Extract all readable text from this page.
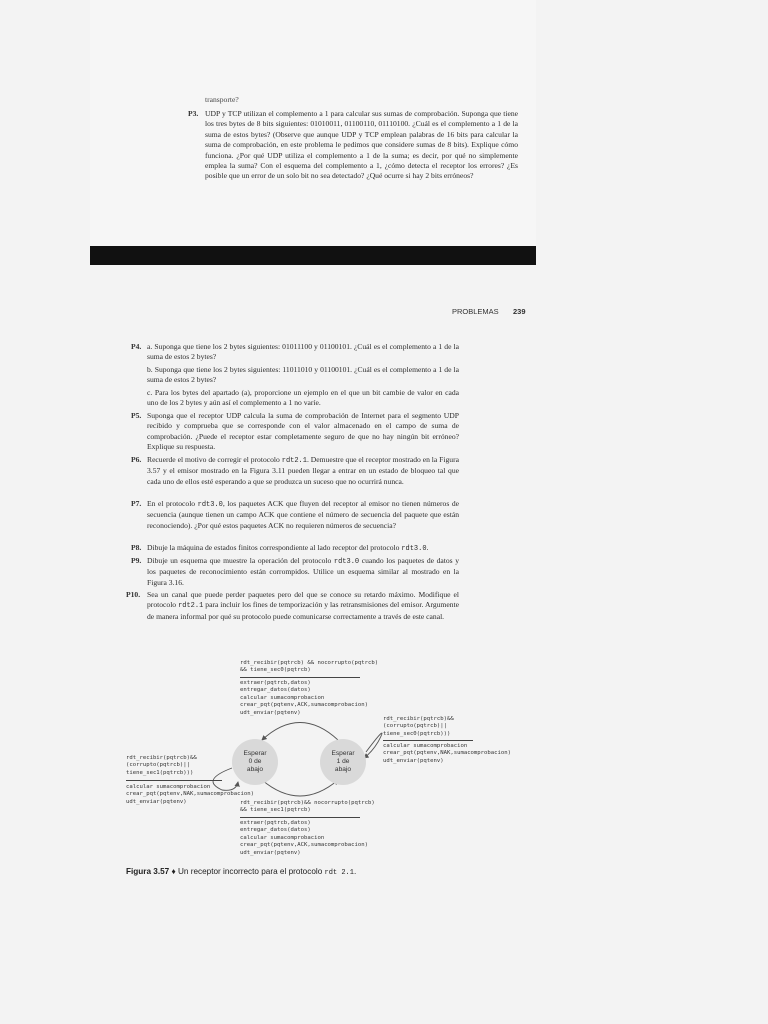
transporte?
P3. UDP y TCP utilizan el complemento a 1 para calcular sus sumas de comprobación. Suponga que tiene los tres bytes de 8 bits siguientes: 01010011, 01100110, 01110100. ¿Cuál es el complemento a 1 de la suma de estos bytes? (Observe que aunque UDP y TCP emplean palabras de 16 bits para calcular la suma de comprobación, en este problema le pedimos que considere sumas de 8 bits). Explique cómo funciona. ¿Por qué UDP utiliza el complemento a 1 de la suma; es decir, por qué no simplemente emplea la suma? Con el esquema del complemento a 1, ¿cómo detecta el receptor los errores? ¿Es posible que un error de un solo bit no sea detectado? ¿Qué ocurre si hay 2 bits erróneos?
PROBLEMAS 239
P4. a. Suponga que tiene los 2 bytes siguientes: 01011100 y 01100101. ¿Cuál es el complemento a 1 de la suma de estos 2 bytes?
b. Suponga que tiene los 2 bytes siguientes: 11011010 y 01100101. ¿Cuál es el complemento a 1 de la suma de estos 2 bytes?
c. Para los bytes del apartado (a), proporcione un ejemplo en el que un bit cambie de valor en cada uno de los 2 bytes y aún así el complemento a 1 no varíe.
P5. Suponga que el receptor UDP calcula la suma de comprobación de Internet para el segmento UDP recibido y comprueba que se corresponde con el valor almacenado en el campo de suma de comprobación. ¿Puede el receptor estar completamente seguro de que no hay ningún bit erróneo? Explique su respuesta.
P6. Recuerde el motivo de corregir el protocolo rdt2.1. Demuestre que el receptor mostrado en la Figura 3.57 y el emisor mostrado en la Figura 3.11 pueden llegar a entrar en un estado de bloqueo tal que cada uno de ellos esté esperando a que se produzca un suceso que no ocurrirá nunca.
P7. En el protocolo rdt3.0, los paquetes ACK que fluyen del receptor al emisor no tienen números de secuencia (aunque tienen un campo ACK que contiene el número de secuencia del paquete que están reconociendo). ¿Por qué estos paquetes ACK no requieren números de secuencia?
P8. Dibuje la máquina de estados finitos correspondiente al lado receptor del protocolo rdt3.0.
P9. Dibuje un esquema que muestre la operación del protocolo rdt3.0 cuando los paquetes de datos y los paquetes de reconocimiento están corrompidos. Utilice un esquema similar al mostrado en la Figura 3.16.
P10. Sea un canal que puede perder paquetes pero del que se conoce su retardo máximo. Modifique el protocolo rdt2.1 para incluir los fines de temporización y las retransmisiones del emisor. Argumente de manera informal por qué su protocolo puede comunicarse correctamente a través de este canal.
rdt_recibir(pqtrcb) && nocorrupto(pqtrcb)
&& tiene_sec0(pqtrcb)
extraer(pqtrcb,datos)
entregar_datos(datos)
calcular sumacomprobacion
crear_pqt(pqtenv,ACK,sumacomprobacion)
udt_enviar(pqtenv)
rdt_recibir(pqtrcb)&&
(corrupto(pqtrcb)||
tiene_sec0(pqtrcb)))
calcular sumacomprobacion
crear_pqt(pqtenv,NAK,sumacomprobacion)
udt_enviar(pqtenv)
rdt_recibir(pqtrcb)&&
(corrupto(pqtrcb)||
tiene_sec1(pqtrcb)))
calcular sumacomprobacion
crear_pqt(pqtenv,NAK,sumacomprobacion)
udt_enviar(pqtenv)	rdt_recibir(pqtrcb)&& nocorrupto(pqtrcb)
&& tiene_sec1(pqtrcb)
extraer(pqtrcb,datos)
entregar_datos(datos)
calcular sumacomprobacion
crear_pqt(pqtenv,ACK,sumacomprobacion)
udt_enviar(pqtenv)
Esperar
0 de
abajo
Esperar
1 de
abajo
Figura 3.57 ♦ Un receptor incorrecto para el protocolo rdt 2.1.
